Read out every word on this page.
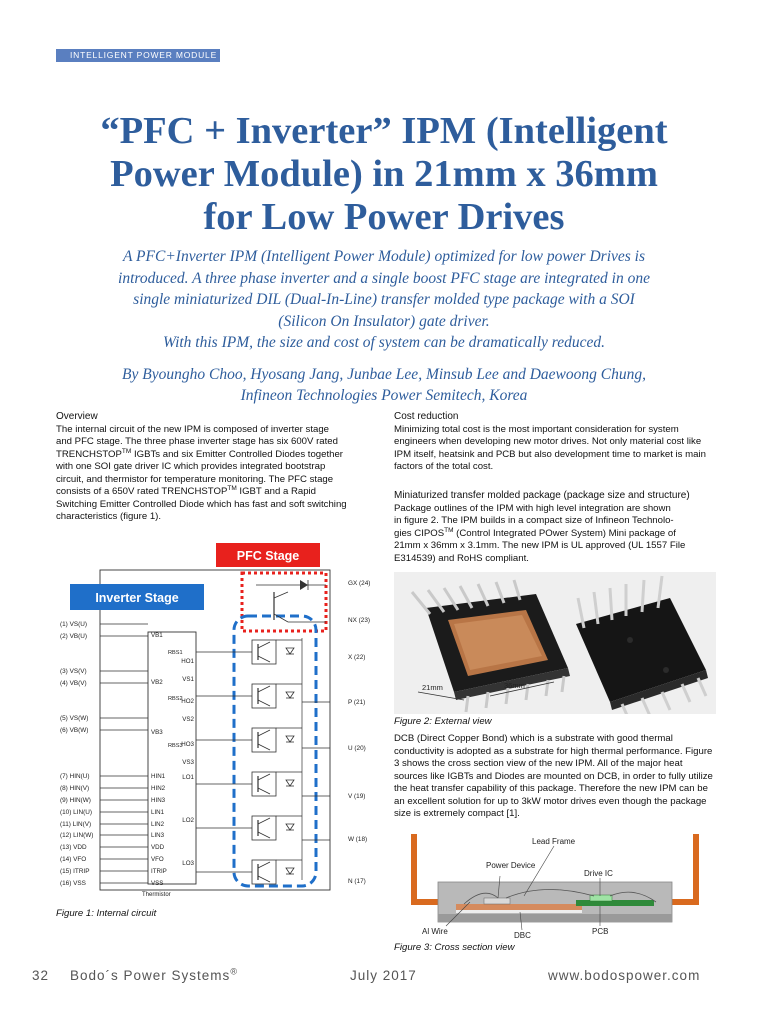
INTELLIGENT POWER MODULE
“PFC + Inverter” IPM (Intelligent
Power Module) in 21mm x 36mm
for Low Power Drives
A PFC+Inverter IPM (Intelligent Power Module) optimized for low power Drives is
introduced. A three phase inverter and a single boost PFC stage are integrated in one
single miniaturized DIL (Dual-In-Line) transfer molded type package with a SOI
(Silicon On Insulator) gate driver.
With this IPM, the size and cost of system can be dramatically reduced.
By Byoungho Choo, Hyosang Jang, Junbae Lee, Minsub Lee and Daewoong Chung,
Infineon Technologies Power Semitech, Korea
Overview

The internal circuit of the new IPM is composed of inverter stage
and PFC stage. The three phase inverter stage has six 600V rated
TRENCHSTOP™ IGBTs and six Emitter Controlled Diodes together
with one SOI gate driver IC which provides integrated bootstrap
circuit, and thermistor for temperature monitoring. The PFC stage
consists of a 650V rated TRENCHSTOP™ IGBT and a Rapid
Switching Emitter Controlled Diode which has fast and soft switching
characteristics (figure 1).

Cost reduction

Minimizing total cost is the most important consideration for system engineers when developing new motor drives. Not only material cost like IPM itself, heatsink and PCB but also development time to market is main factors of the total cost.

Miniaturized transfer molded package (package size and structure)

Package outlines of the IPM with high level integration are shown
in figure 2. The IPM builds in a compact size of Infineon Technolo-
gies CIPOS™ (Control Integrated POwer System) Mini package of
21mm x 36mm x 3.1mm. The new IPM is UL approved (UL 1557 File
E314539) and RoHS compliant.

21mm	36mm
Figure 2: External view

DCB (Direct Copper Bond) which is a substrate with good thermal conductivity is adopted as a substrate for high thermal performance. Figure 3 shows the cross section view of the new IPM. All of the major heat sources like IGBTs and Diodes are mounted on DCB, in order to fully utilize the heat transfer capability of this package. Therefore the new IPM can be an excellent solution for up to 3kW motor drives even though the package size is extremely compact [1].

Lead Frame
Power Device
Drive IC
Al Wire	DBC	PCB
Figure 3: Cross section view
PFC Stage
Inverter Stage
(1) VS(U)
(2) VB(U)
(3) VS(V)
(4) VB(V)
(5) VS(W)
(6) VB(W)
(7) HIN(U)
(8) HIN(V)
(9) HIN(W)
(10) LIN(U)
(11) LIN(V)
(12) LIN(W)
(13) VDD
(14) VFO
(15) ITRIP
(16) VSS
GX (24)
NX (23)
X (22)
P (21)
U (20)
V (19)
W (18)
N (17)
VB1
VB2
VB3
HIN1
HIN2
HIN3
LIN1
LIN2
LIN3
VDD
VFO
ITRIP
VSS
HO1
VS1
HO2
VS2
HO3
VS3
LO1
LO2
LO3
RBS1
RBS2
RBS3
Thermistor
Figure 1: Internal circuit
32 Bodo´s Power Systems®	July 2017	www.bodospower.com
